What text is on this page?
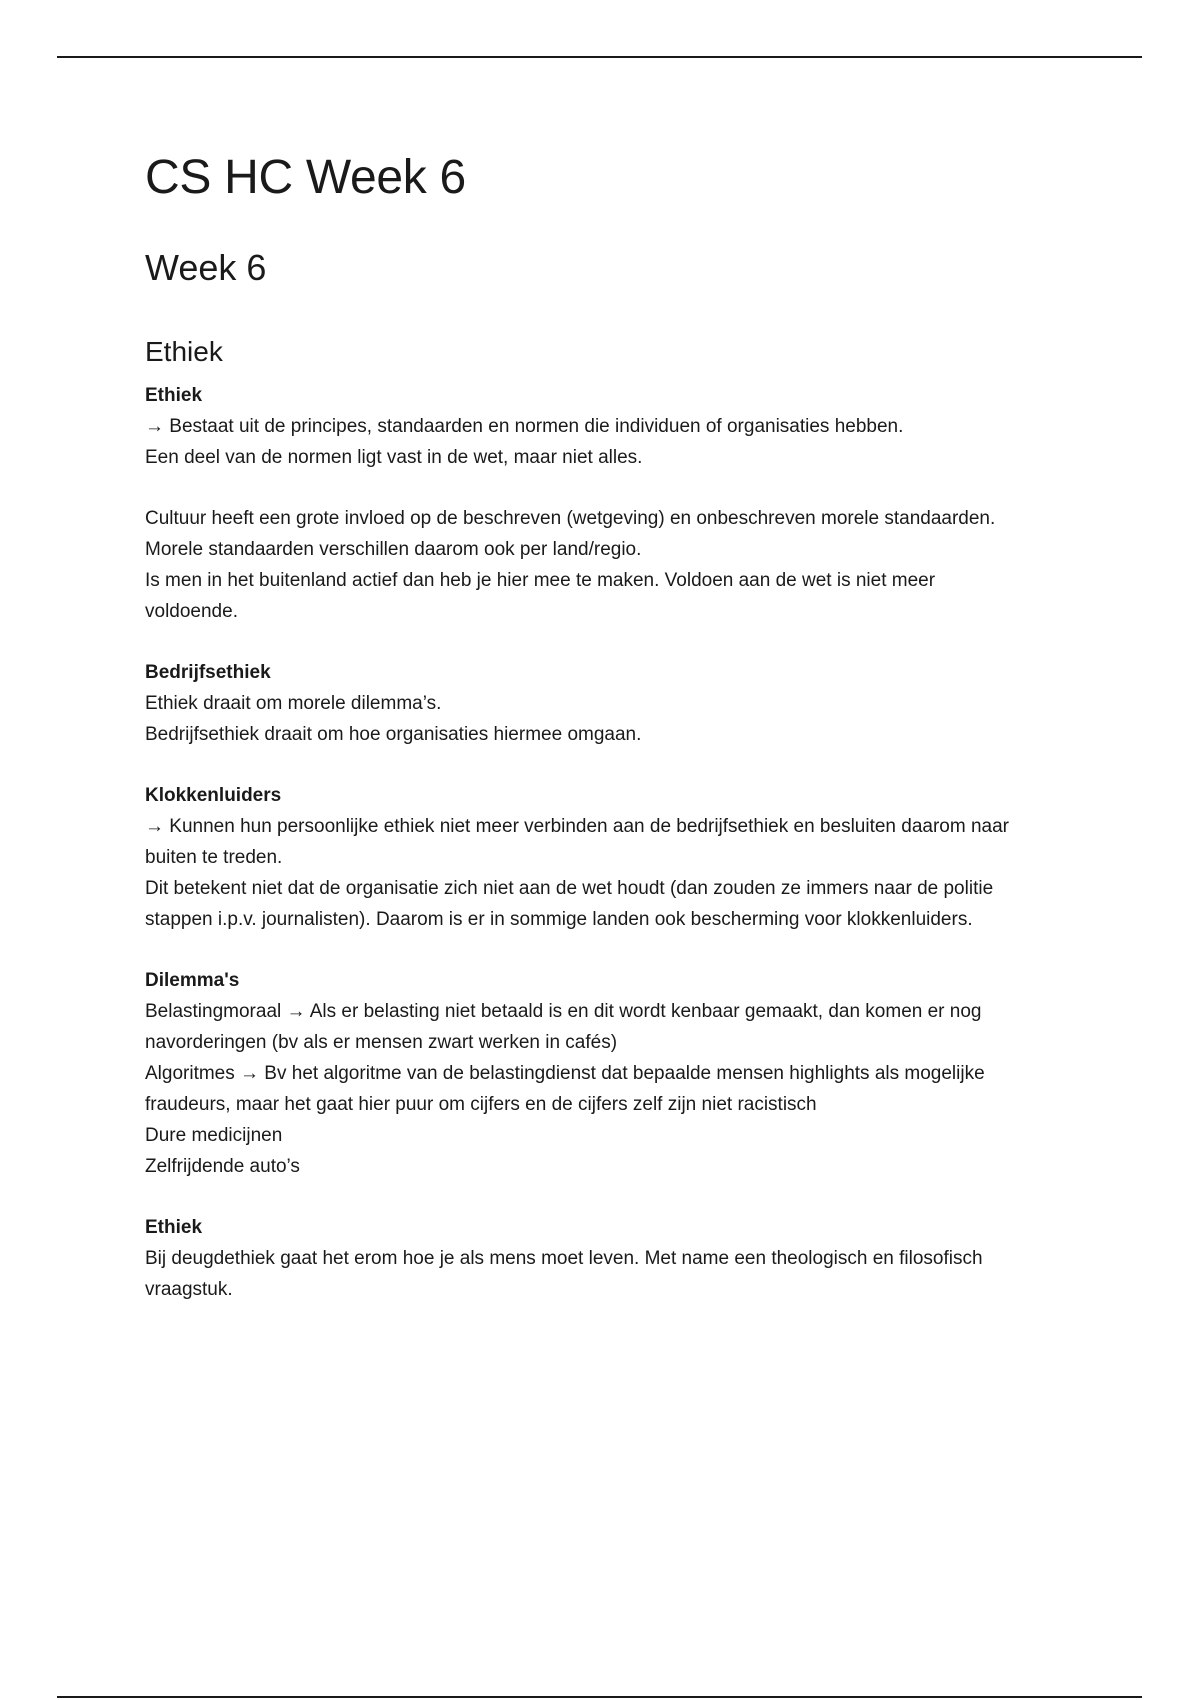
CS HC Week 6
Week 6
Ethiek
Ethiek
→ Bestaat uit de principes, standaarden en normen die individuen of organisaties hebben.
Een deel van de normen ligt vast in de wet, maar niet alles.
Cultuur heeft een grote invloed op de beschreven (wetgeving) en onbeschreven morele standaarden.
Morele standaarden verschillen daarom ook per land/regio.
Is men in het buitenland actief dan heb je hier mee te maken. Voldoen aan de wet is niet meer
voldoende.
Bedrijfsethiek
Ethiek draait om morele dilemma’s.
Bedrijfsethiek draait om hoe organisaties hiermee omgaan.
Klokkenluiders
→ Kunnen hun persoonlijke ethiek niet meer verbinden aan de bedrijfsethiek en besluiten daarom naar
buiten te treden.
Dit betekent niet dat de organisatie zich niet aan de wet houdt (dan zouden ze immers naar de politie
stappen i.p.v. journalisten). Daarom is er in sommige landen ook bescherming voor klokkenluiders.
Dilemma's
Belastingmoraal → Als er belasting niet betaald is en dit wordt kenbaar gemaakt, dan komen er nog
navorderingen (bv als er mensen zwart werken in cafés)
Algoritmes → Bv het algoritme van de belastingdienst dat bepaalde mensen highlights als mogelijke
fraudeurs, maar het gaat hier puur om cijfers en de cijfers zelf zijn niet racistisch
Dure medicijnen
Zelfrijdende auto’s
Ethiek
Bij deugdethiek gaat het erom hoe je als mens moet leven. Met name een theologisch en filosofisch
vraagstuk.
